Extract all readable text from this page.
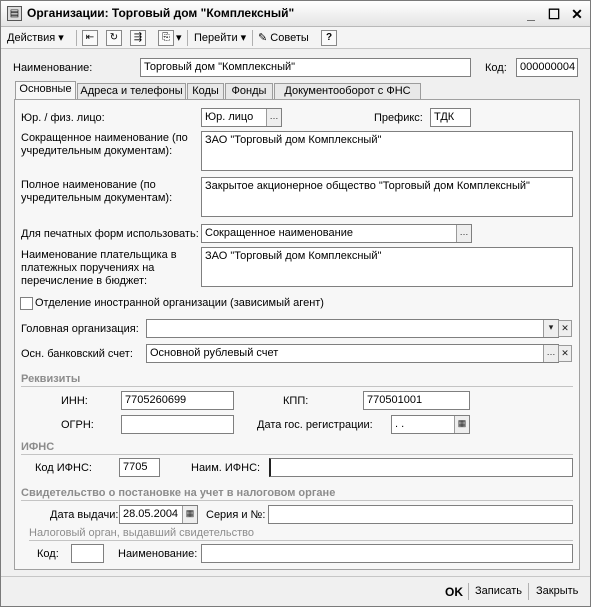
▤ Организации: Торговый дом "Комплексный"	_ ☐ ✕
Действия ▾	⇤	↻	⇶	⎘ ▾ Перейти ▾ ✎ Советы	?
Наименование:	Торговый дом "Комплексный"	Код:	000000004
Основные Адреса и телефоны Коды	Фонды	Документооборот с ФНС
Юр. / физ. лицо:	Юр. лицо	…	Префикс:	ТДК
Сокращенное наименование (по учредительным документам):
ЗАО "Торговый дом Комплексный"
Полное наименование (по учредительным документам):
Закрытое акционерное общество "Торговый дом Комплексный"
Для печатных форм использовать: Сокращенное наименование	…
Наименование плательщика в платежных поручениях на перечисление в бюджет:
ЗАО "Торговый дом Комплексный"
Отделение иностранной организации (зависимый агент)
Головная организация:	▾ ✕
Осн. банковский счет:	Основной рублевый счет	… ✕
Реквизиты
ИНН:	7705260699	КПП:	770501001
ОГРН:	Дата гос. регистрации:	. .	▦
ИФНС
Код ИФНС:	7705	Наим. ИФНС:
Свидетельство о постановке на учет в налоговом органе
Дата выдачи: 28.05.2004 ▦ Серия и №:
Налоговый орган, выдавший свидетельство
Код:	Наименование:
OK Записать Закрыть
